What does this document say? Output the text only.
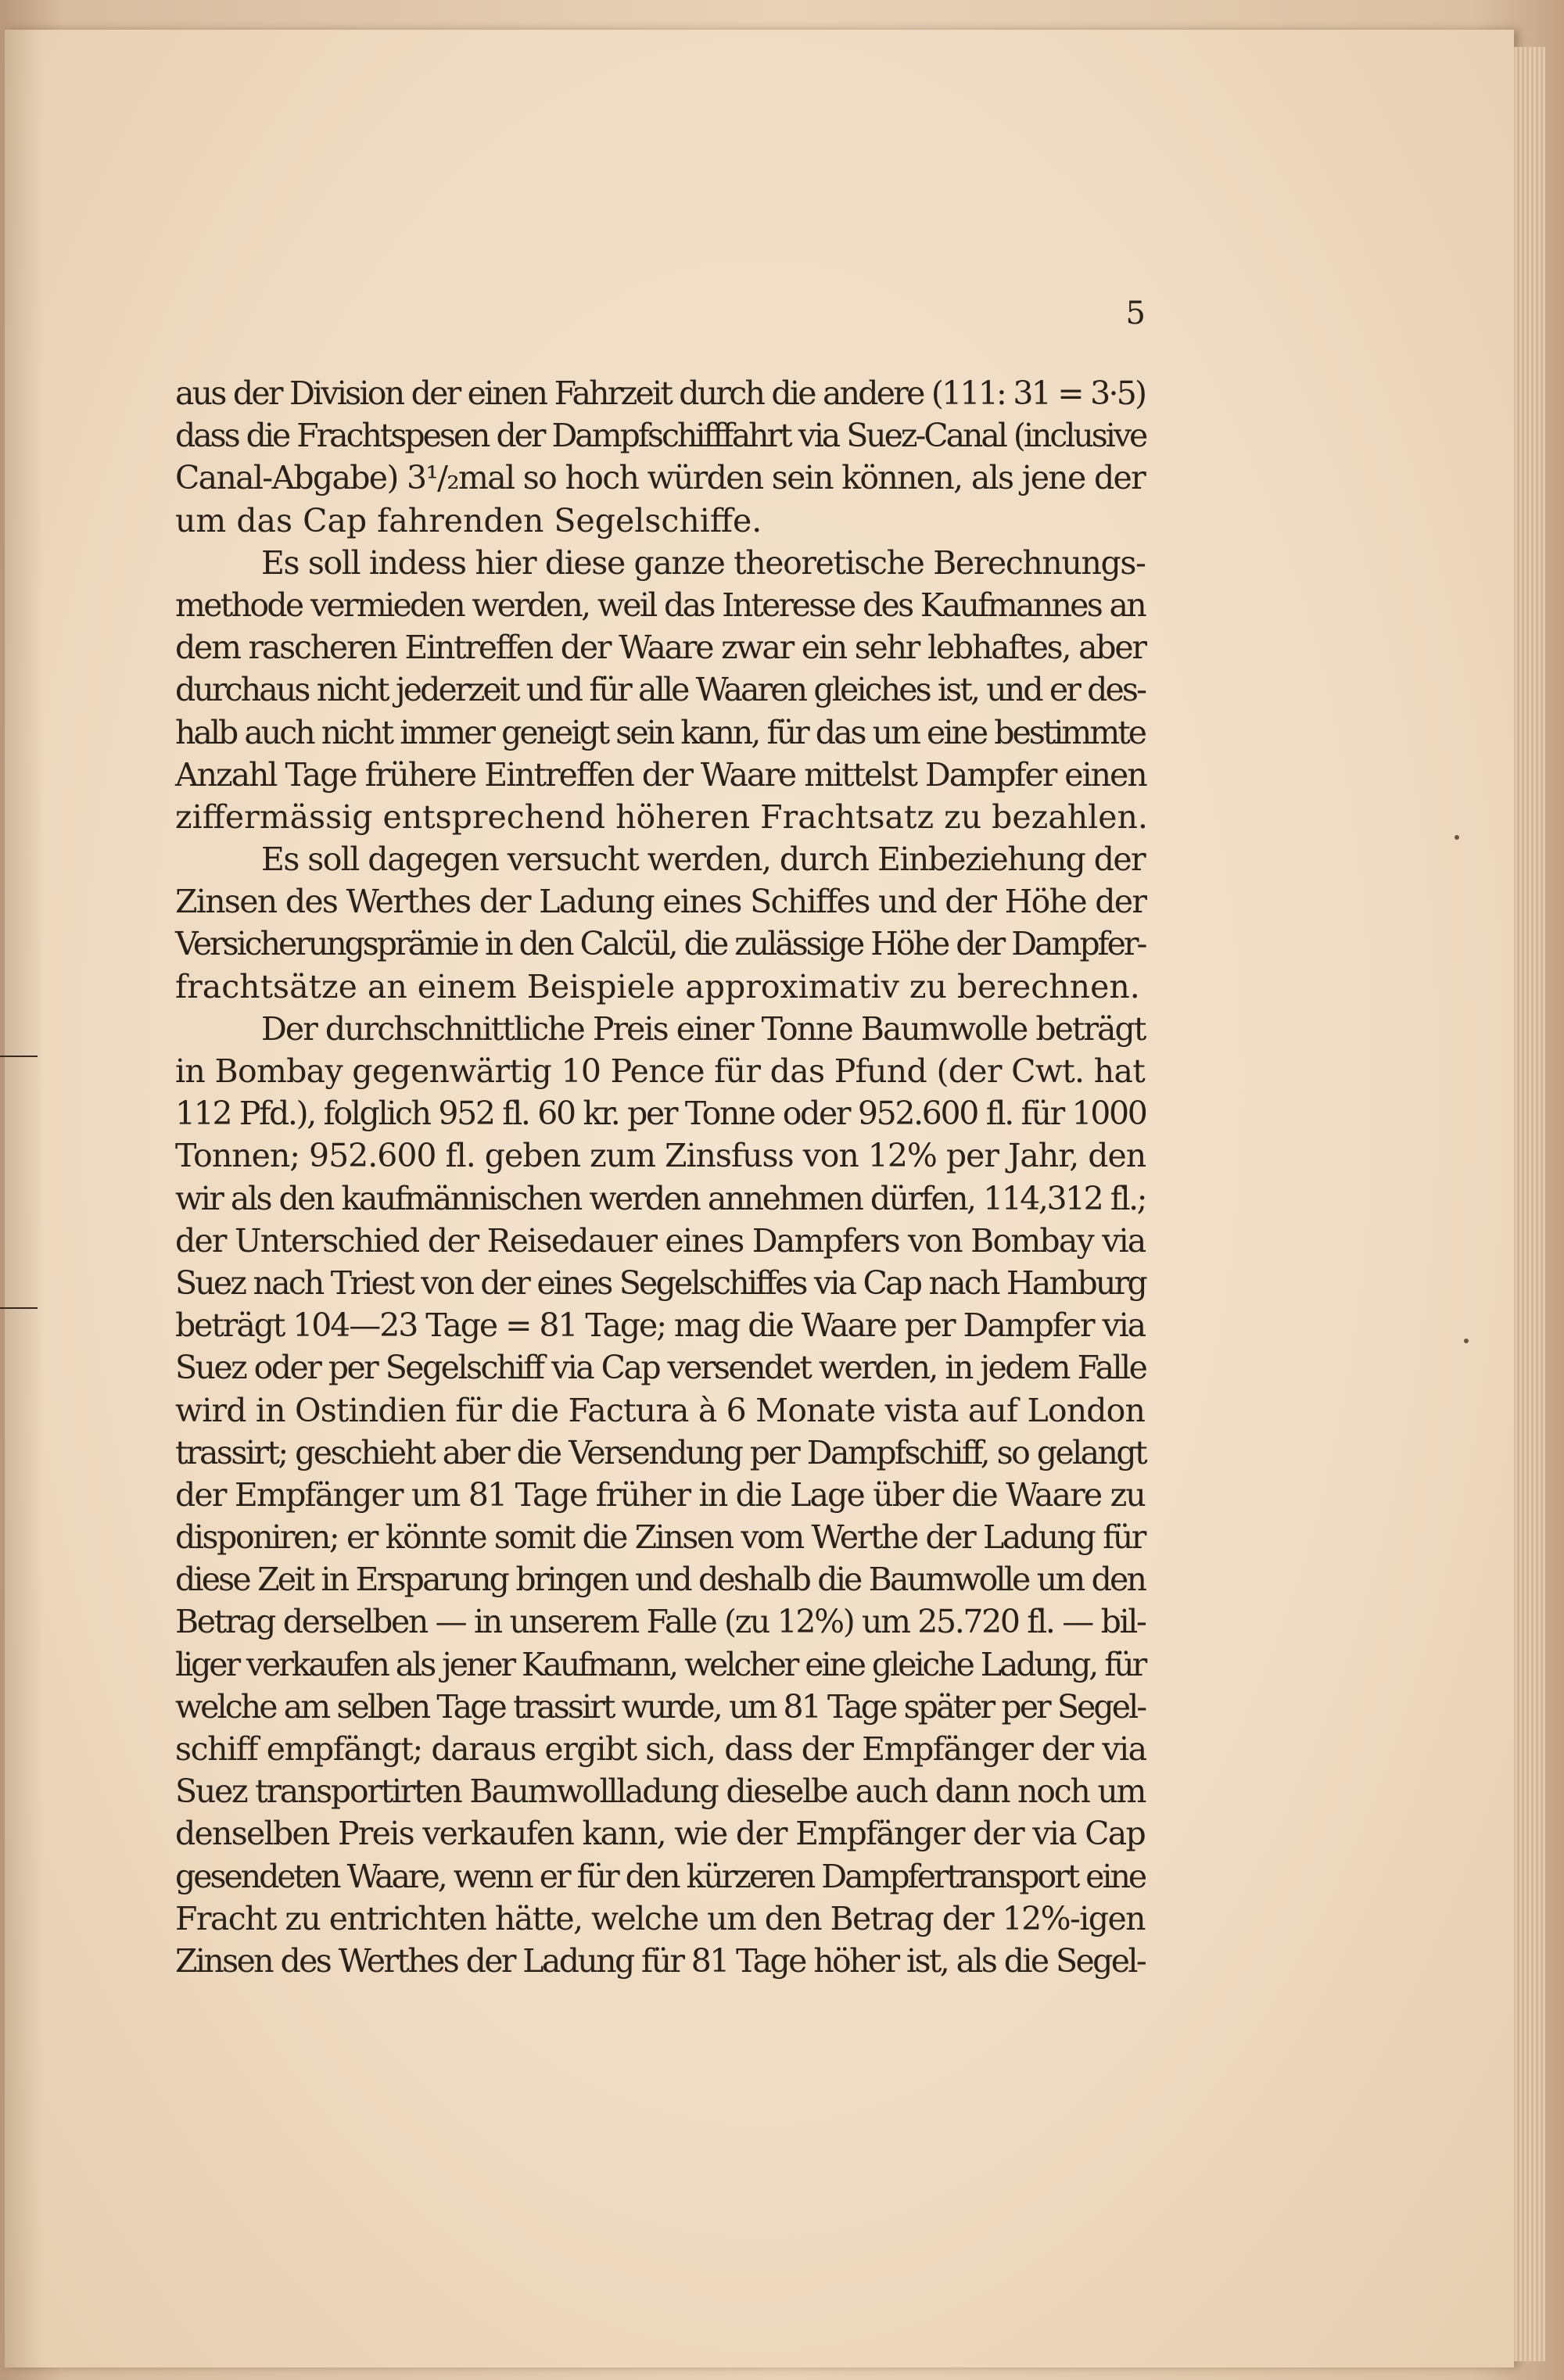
5
aus der Division der einen Fahrzeit durch die andere (111: 31 = 3·5)
dass die Frachtspesen der Dampfschifffahrt via Suez-Canal (inclusive
Canal-Abgabe) 3¹/₂mal so hoch würden sein können, als jene der
um das Cap fahrenden Segelschiffe.
Es soll indess hier diese ganze theoretische Berechnungs-
methode vermieden werden, weil das Interesse des Kaufmannes an
dem rascheren Eintreffen der Waare zwar ein sehr lebhaftes, aber
durchaus nicht jederzeit und für alle Waaren gleiches ist, und er des-
halb auch nicht immer geneigt sein kann, für das um eine bestimmte
Anzahl Tage frühere Eintreffen der Waare mittelst Dampfer einen
ziffermässig entsprechend höheren Frachtsatz zu bezahlen.
Es soll dagegen versucht werden, durch Einbeziehung der
Zinsen des Werthes der Ladung eines Schiffes und der Höhe der
Versicherungsprämie in den Calcül, die zulässige Höhe der Dampfer-
frachtsätze an einem Beispiele approximativ zu berechnen.
Der durchschnittliche Preis einer Tonne Baumwolle beträgt
in Bombay gegenwärtig 10 Pence für das Pfund (der Cwt. hat
112 Pfd.), folglich 952 fl. 60 kr. per Tonne oder 952.600 fl. für 1000
Tonnen; 952.600 fl. geben zum Zinsfuss von 12% per Jahr, den
wir als den kaufmännischen werden annehmen dürfen, 114,312 fl.;
der Unterschied der Reisedauer eines Dampfers von Bombay via
Suez nach Triest von der eines Segelschiffes via Cap nach Hamburg
beträgt 104—23 Tage = 81 Tage; mag die Waare per Dampfer via
Suez oder per Segelschiff via Cap versendet werden, in jedem Falle
wird in Ostindien für die Factura à 6 Monate vista auf London
trassirt; geschieht aber die Versendung per Dampfschiff, so gelangt
der Empfänger um 81 Tage früher in die Lage über die Waare zu
disponiren; er könnte somit die Zinsen vom Werthe der Ladung für
diese Zeit in Ersparung bringen und deshalb die Baumwolle um den
Betrag derselben — in unserem Falle (zu 12%) um 25.720 fl. — bil-
liger verkaufen als jener Kaufmann, welcher eine gleiche Ladung, für
welche am selben Tage trassirt wurde, um 81 Tage später per Segel-
schiff empfängt; daraus ergibt sich, dass der Empfänger der via
Suez transportirten Baumwollladung dieselbe auch dann noch um
denselben Preis verkaufen kann, wie der Empfänger der via Cap
gesendeten Waare, wenn er für den kürzeren Dampfertransport eine
Fracht zu entrichten hätte, welche um den Betrag der 12%-igen
Zinsen des Werthes der Ladung für 81 Tage höher ist, als die Segel-
